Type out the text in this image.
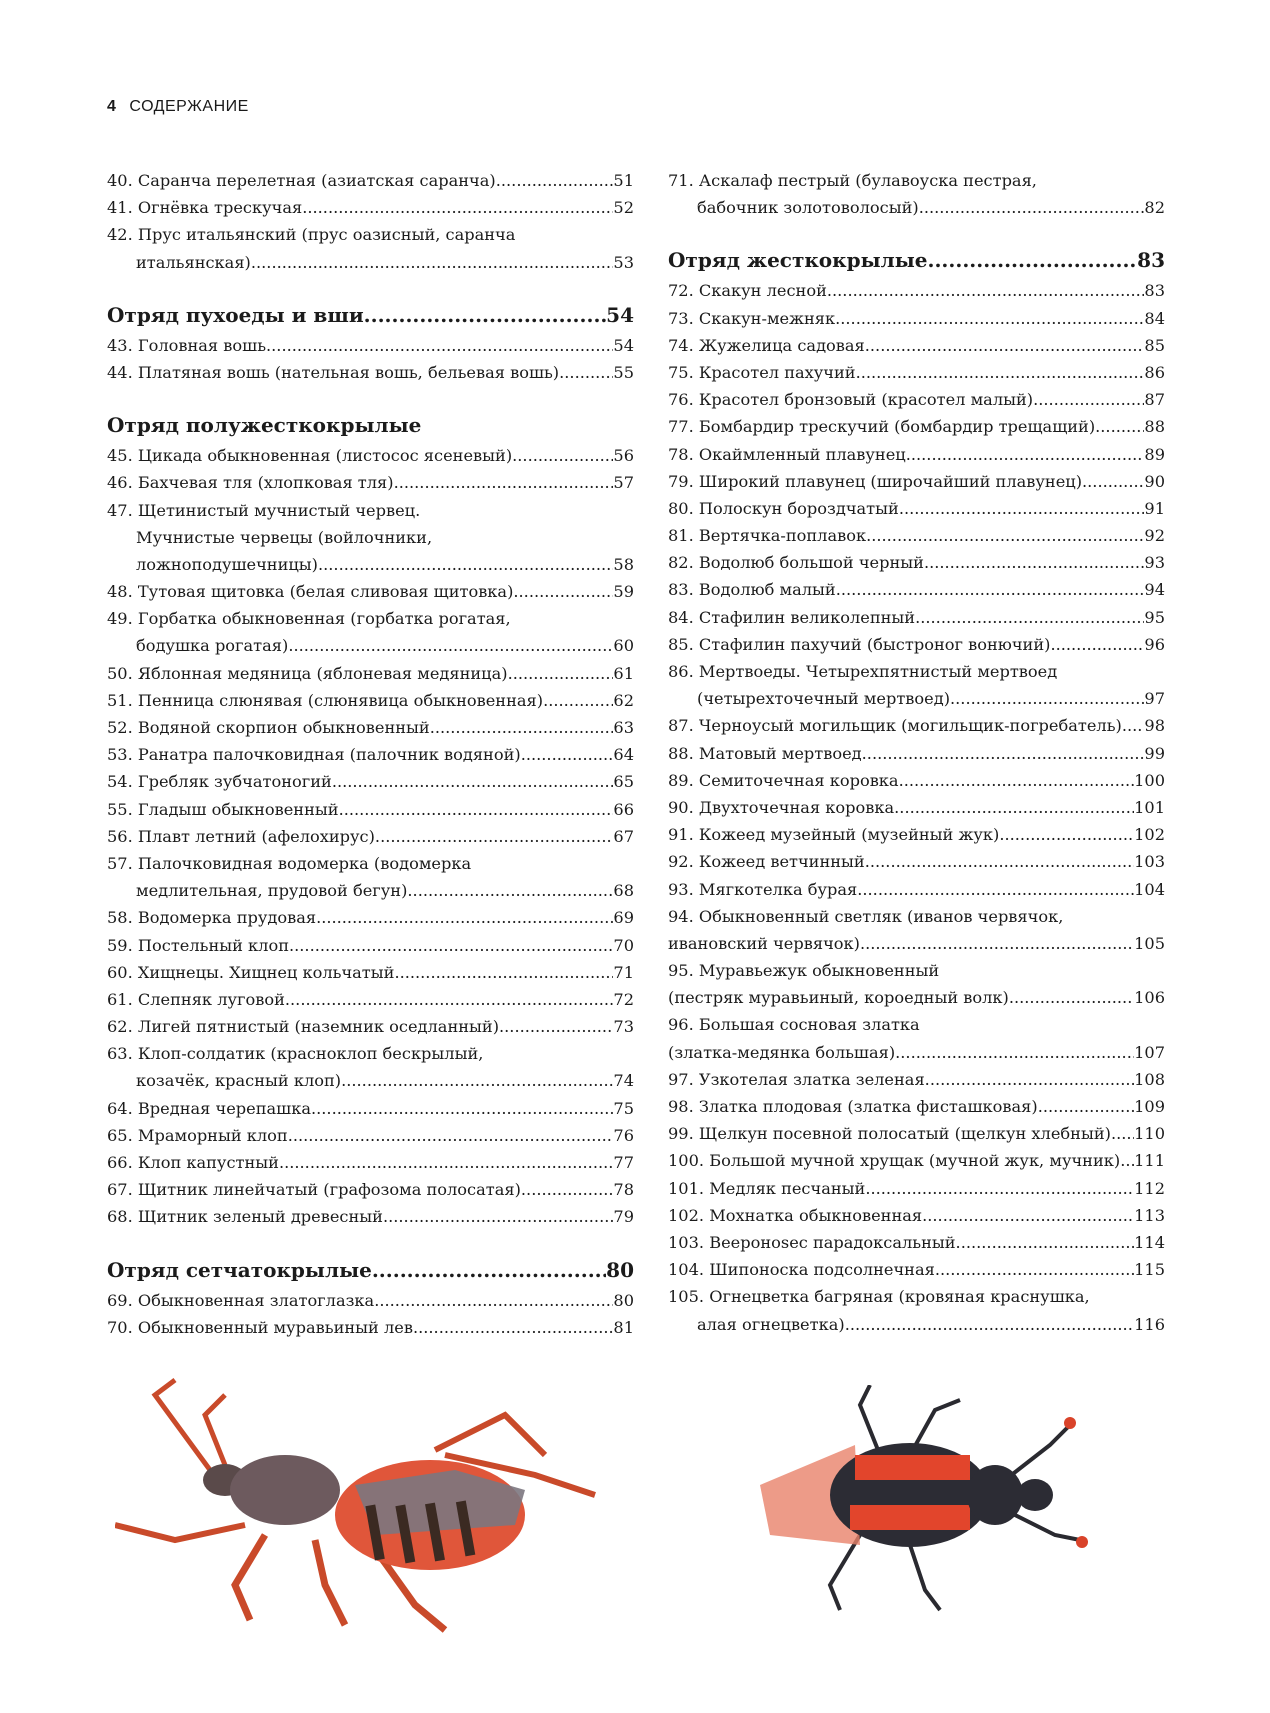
4 СОДЕРЖАНИЕ
40. Саранча перелетная (азиатская саранча) .....	51
41. Огнёвка трескучая .....	52
42. Прус итальянский (прус оазисный, саранча
итальянская) .....	53
Отряд пухоеды и вши .....	54
43. Головная вошь .....	54
44. Платяная вошь (нательная вошь, бельевая вошь) .....	55
Отряд полужесткокрылые
45. Цикада обыкновенная (листосос ясеневый) .....	56
46. Бахчевая тля (хлопковая тля) .....	57
47. Щетинистый мучнистый червец.
Мучнистые червецы (войлочники,
ложноподушечницы) .....	58
48. Тутовая щитовка (белая сливовая щитовка) .....	59
49. Горбатка обыкновенная (горбатка рогатая,
бодушка рогатая) .....	60
50. Яблонная медяница (яблоневая медяница) .....	61
51. Пенница слюнявая (слюнявица обыкновенная) .....	62
52. Водяной скорпион обыкновенный .....	63
53. Ранатра палочковидная (палочник водяной) .....	64
54. Гребляк зубчатоногий .....	65
55. Гладыш обыкновенный .....	66
56. Плавт летний (афелохирус) .....	67
57. Палочковидная водомерка (водомерка
медлительная, прудовой бегун) .....	68
58. Водомерка прудовая .....	69
59. Постельный клоп .....	70
60. Хищнецы. Хищнец кольчатый .....	71
61. Слепняк луговой. .....	72
62. Лигей пятнистый (наземник оседланный) .....	73
63. Клоп-солдатик (красноклоп бескрылый,
козачёк, красный клоп) .....	74
64. Вредная черепашка .....	75
65. Мраморный клоп .....	76
66. Клоп капустный .....	77
67. Щитник линейчатый (графозома полосатая) .....	78
68. Щитник зеленый древесный .....	79
Отряд сетчатокрылые .....	80
69. Обыкновенная златоглазка .....	80
70. Обыкновенный муравьиный лев .....	81
71. Аскалаф пестрый (булавоуска пестрая,
бабочник золотоволосый) .....	82
Отряд жесткокрылые .....	83
72. Скакун лесной .....	83
73. Скакун-межняк .....	84
74. Жужелица садовая .....	85
75. Красотел пахучий .....	86
76. Красотел бронзовый (красотел малый) .....	87
77. Бомбардир трескучий (бомбардир трещащий) .....	88
78. Окаймленный плавунец .....	89
79. Широкий плавунец (широчайший плавунец) .....	90
80. Полоскун бороздчатый .....	91
81. Вертячка-поплавок .....	92
82. Водолюб большой черный .....	93
83. Водолюб малый .....	94
84. Стафилин великолепный .....	95
85. Стафилин пахучий (быстроног вонючий) .....	96
86. Мертвоеды. Четырехпятнистый мертвоед
(четырехточечный мертвоед) .....	97
87. Черноусый могильщик (могильщик-погребатель) ..... 98
88. Матовый мертвоед .....	99
89. Семиточечная коровка .....	100
90. Двухточечная коровка .....	101
91. Кожеед музейный (музейный жук) .....	102
92. Кожеед ветчинный .....	103
93. Мягкотелка бурая .....	104
94. Обыкновенный светляк (иванов червячок,
ивановский червячок) .....	105
95. Муравьежук обыкновенный
(пестряк муравьиный, короедный волк) .....	106
96. Большая сосновая златка
(златка-медянка большая) .....	107
97. Узкотелая златка зеленая .....	108
98. Златка плодовая (златка фисташковая) .....	109
99. Щелкун посевной полосатый (щелкун хлебный) ..... 110
100. Большой мучной хрущак (мучной жук, мучник) ..... 111
101. Медляк песчаный .....	112
102. Мохнатка обыкновенная .....	113
103. Вееронosec парадоксальный .....	114
104. Шипоноска подсолнечная .....	115
105. Огнецветка багряная (кровяная краснушка,
алая огнецветка) .....	116
